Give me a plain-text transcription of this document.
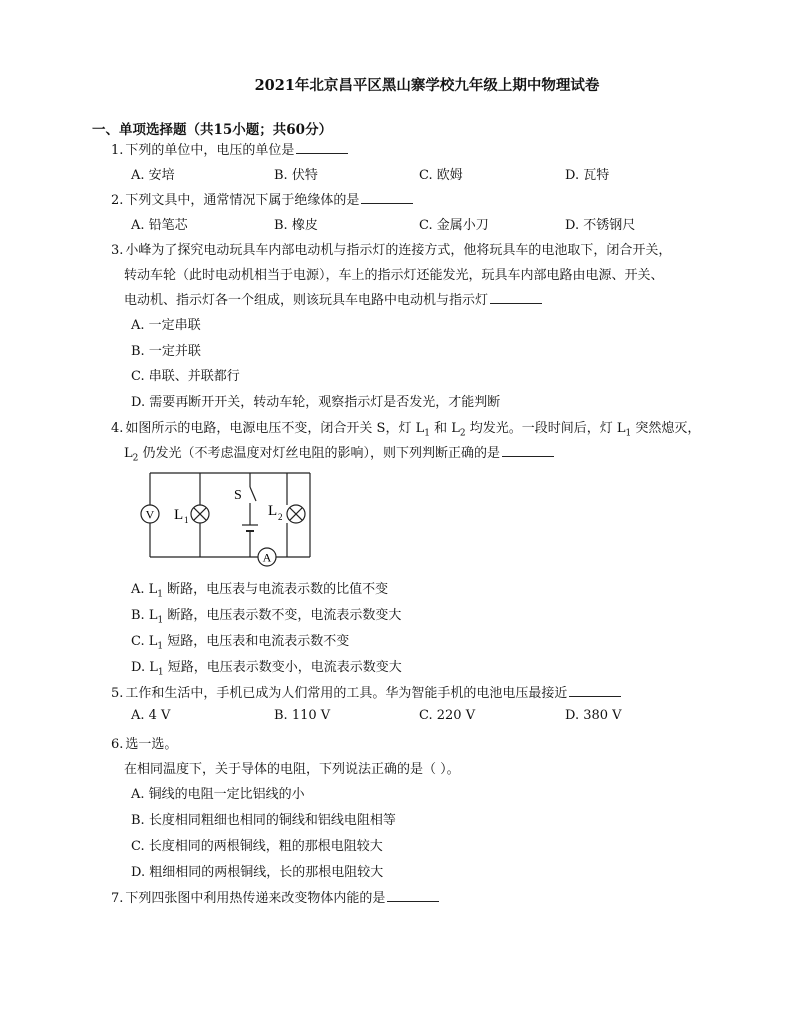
2021年北京昌平区黑山寨学校九年级上期中物理试卷
一、单项选择题（共15小题；共60分）
1. 下列的单位中，电压的单位是
A. 安培	B. 伏特	C. 欧姆	D. 瓦特
2. 下列文具中，通常情况下属于绝缘体的是
A. 铅笔芯	B. 橡皮	C. 金属小刀	D. 不锈钢尺
3. 小峰为了探究电动玩具车内部电动机与指示灯的连接方式，他将玩具车的电池取下，闭合开关，
转动车轮（此时电动机相当于电源），车上的指示灯还能发光，玩具车内部电路由电源、开关、
电动机、指示灯各一个组成，则该玩具车电路中电动机与指示灯
A. 一定串联
B. 一定并联
C. 串联、并联都行
D. 需要再断开开关，转动车轮，观察指示灯是否发光，才能判断
4. 如图所示的电路，电源电压不变，闭合开关 S，灯 $L_1$ 和 $L_2$ 均发光。一段时间后，灯 $L_1$ 突然熄灭，
$L_2$ 仍发光（不考虑温度对灯丝电阻的影响），则下列判断正确的是
V L 1
S
L 2
A
A. $L_1$ 断路，电压表与电流表示数的比值不变
B. $L_1$ 断路，电压表示数不变，电流表示数变大
C. $L_1$ 短路，电压表和电流表示数不变
D. $L_1$ 短路，电压表示数变小，电流表示数变大
5. 工作和生活中，手机已成为人们常用的工具。华为智能手机的电池电压最接近
A. 4 V	B. 110 V	C. 220 V	D. 380 V
6. 选一选。
在相同温度下，关于导体的电阻，下列说法正确的是（ ）。
A. 铜线的电阻一定比铝线的小
B. 长度相同粗细也相同的铜线和铝线电阻相等
C. 长度相同的两根铜线，粗的那根电阻较大
D. 粗细相同的两根铜线，长的那根电阻较大
7. 下列四张图中利用热传递来改变物体内能的是
